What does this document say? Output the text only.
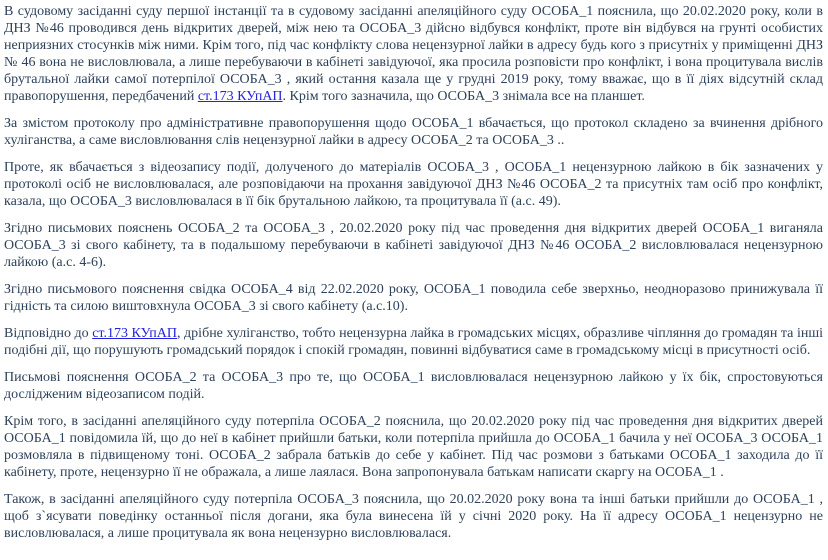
В судовому засіданні суду першої інстанції та в судовому засіданні апеляційного суду ОСОБА_1 пояснила, що 20.02.2020 року, коли в ДНЗ №46 проводився день відкритих дверей, між нею та ОСОБА_3 дійсно відбувся конфлікт, проте він відбувся на грунті особистих неприязних стосунків між ними. Крім того, під час конфлікту слова нецензурної лайки в адресу будь кого з присутніх у приміщенні ДНЗ № 46 вона не висловлювала, а лише перебуваючи в кабінеті завідуючої, яка просила розповісти про конфлікт, і вона процитувала вислів брутальної лайки самої потерпілої ОСОБА_3 , який остання казала ще у грудні 2019 року, тому вважає, що в її діях відсутній склад правопорушення, передбачений ст.173 КУпАП. Крім того зазначила, що ОСОБА_3 знімала все на планшет.

За змістом протоколу про адміністративне правопорушення щодо ОСОБА_1 вбачається, що протокол складено за вчинення дрібного хуліганства, а саме висловлювання слів нецензурної лайки в адресу ОСОБА_2 та ОСОБА_3 ..

Проте, як вбачається з відеозапису події, долученого до матеріалів ОСОБА_3 , ОСОБА_1 нецензурною лайкою в бік зазначених у протоколі осіб не висловлювалася, але розповідаючи на прохання завідуючої ДНЗ №46 ОСОБА_2 та присутніх там осіб про конфлікт, казала, що ОСОБА_3 висловлювалася в її бік брутальною лайкою, та процитувала її (а.с. 49).

Згідно письмових пояснень ОСОБА_2 та ОСОБА_3 , 20.02.2020 року під час проведення дня відкритих дверей ОСОБА_1 виганяла ОСОБА_3 зі свого кабінету, та в подальшому перебуваючи в кабінеті завідуючої ДНЗ №46 ОСОБА_2 висловлювалася нецензурною лайкою (а.с. 4-6).

Згідно письмового пояснення свідка ОСОБА_4 від 22.02.2020 року, ОСОБА_1 поводила себе зверхньо, неодноразово принижувала її гідність та силою виштовхнула ОСОБА_3 зі свого кабінету (а.с.10).

Відповідно до ст.173 КУпАП, дрібне хуліганство, тобто нецензурна лайка в громадських місцях, образливе чіпляння до громадян та інші подібні дії, що порушують громадський порядок і спокій громадян, повинні відбуватися саме в громадському місці в присутності осіб.

Письмові пояснення ОСОБА_2 та ОСОБА_3 про те, що ОСОБА_1 висловлювалася нецензурною лайкою у їх бік, спростовуються дослідженим відеозаписом подій.

Крім того, в засіданні апеляційного суду потерпіла ОСОБА_2 пояснила, що 20.02.2020 року під час проведення дня відкритих дверей ОСОБА_1 повідомила їй, що до неї в кабінет прийшли батьки, коли потерпіла прийшла до ОСОБА_1 бачила у неї ОСОБА_3 ОСОБА_1 розмовляла в підвищеному тоні. ОСОБА_2 забрала батьків до себе у кабінет. Під час розмови з батьками ОСОБА_1 заходила до її кабінету, проте, нецензурно її не ображала, а лише лаялася. Вона запропонувала батькам написати скаргу на ОСОБА_1 .

Також, в засіданні апеляційного суду потерпіла ОСОБА_3 пояснила, що 20.02.2020 року вона та інші батьки прийшли до ОСОБА_1 , щоб з`ясувати поведінку останньої після догани, яка була винесена їй у січні 2020 року. На її адресу ОСОБА_1 нецензурно не висловлювалася, а лише процитувала як вона нецензурно висловлювалася.
